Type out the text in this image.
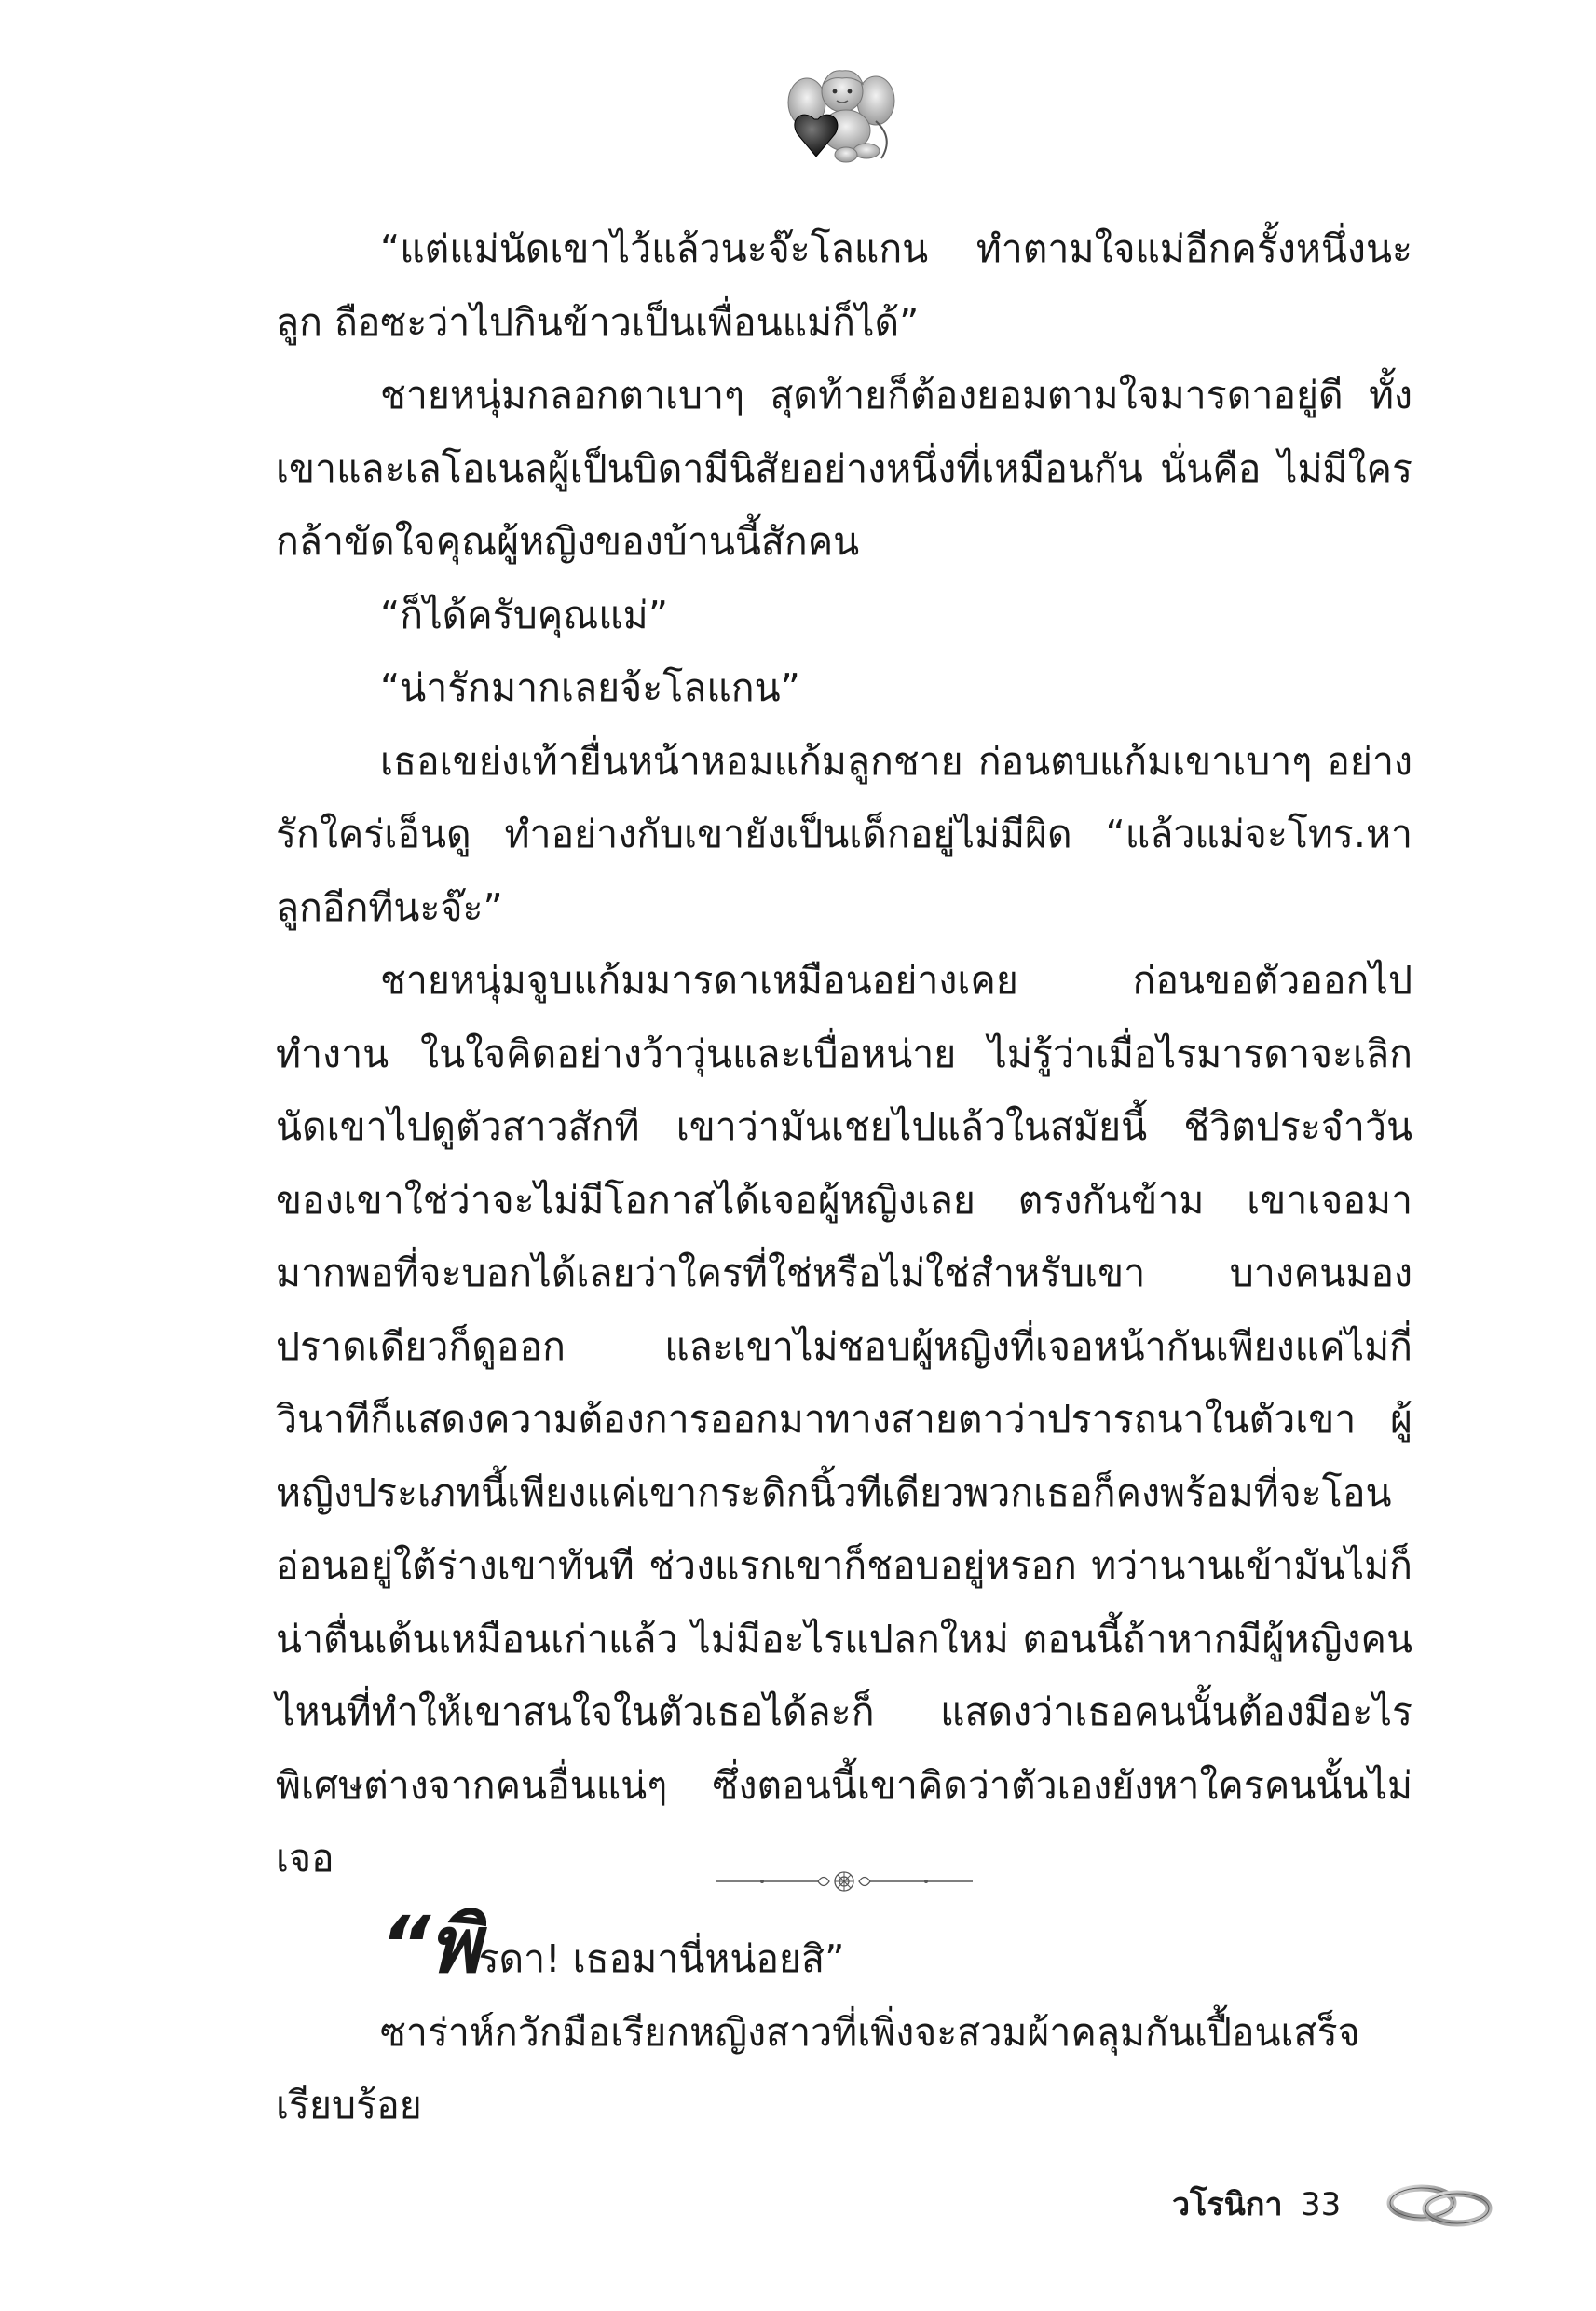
“แต่แม่นัดเขาไว้แล้วนะจ๊ะโลแกน ทำตามใจแม่อีกครั้งหนึ่งนะลูก ถือซะว่าไปกินข้าวเป็นเพื่อนแม่ก็ได้”

ชายหนุ่มกลอกตาเบาๆ สุดท้ายก็ต้องยอมตามใจมารดาอยู่ดี ทั้งเขาและเลโอเนลผู้เป็นบิดามีนิสัยอย่างหนึ่งที่เหมือนกัน นั่นคือ ไม่มีใครกล้าขัดใจคุณผู้หญิงของบ้านนี้สักคน

“ก็ได้ครับคุณแม่”

“น่ารักมากเลยจ้ะโลแกน”

เธอเขย่งเท้ายื่นหน้าหอมแก้มลูกชาย ก่อนตบแก้มเขาเบาๆ อย่างรักใคร่เอ็นดู ทำอย่างกับเขายังเป็นเด็กอยู่ไม่มีผิด “แล้วแม่จะโทร.หาลูกอีกทีนะจ๊ะ”

ชายหนุ่มจูบแก้มมารดาเหมือนอย่างเคย ก่อนขอตัวออกไปทำงาน ในใจคิดอย่างว้าวุ่นและเบื่อหน่าย ไม่รู้ว่าเมื่อไรมารดาจะเลิกนัดเขาไปดูตัวสาวสักที เขาว่ามันเชยไปแล้วในสมัยนี้ ชีวิตประจำวันของเขาใช่ว่าจะไม่มีโอกาสได้เจอผู้หญิงเลย ตรงกันข้าม เขาเจอมามากพอที่จะบอกได้เลยว่าใครที่ใช่หรือไม่ใช่สำหรับเขา บางคนมองปราดเดียวก็ดูออก และเขาไม่ชอบผู้หญิงที่เจอหน้ากันเพียงแค่ไม่กี่วินาทีก็แสดงความต้องการออกมาทางสายตาว่าปรารถนาในตัวเขา ผู้หญิงประเภทนี้เพียงแค่เขากระดิกนิ้วทีเดียวพวกเธอก็คงพร้อมที่จะโอนอ่อนอยู่ใต้ร่างเขาทันที ช่วงแรกเขาก็ชอบอยู่หรอก ทว่านานเข้ามันไม่ก็น่าตื่นเต้นเหมือนเก่าแล้ว ไม่มีอะไรแปลกใหม่ ตอนนี้ถ้าหากมีผู้หญิงคนไหนที่ทำให้เขาสนใจในตัวเธอได้ละก็ แสดงว่าเธอคนนั้นต้องมีอะไรพิเศษต่างจากคนอื่นแน่ๆ ซึ่งตอนนี้เขาคิดว่าตัวเองยังหาใครคนนั้นไม่เจอ

“พิรดา! เธอมานี่หน่อยสิ”

ซาร่าห์กวักมือเรียกหญิงสาวที่เพิ่งจะสวมผ้าคลุมกันเปื้อนเสร็จเรียบร้อย

วโรนิกา 33
